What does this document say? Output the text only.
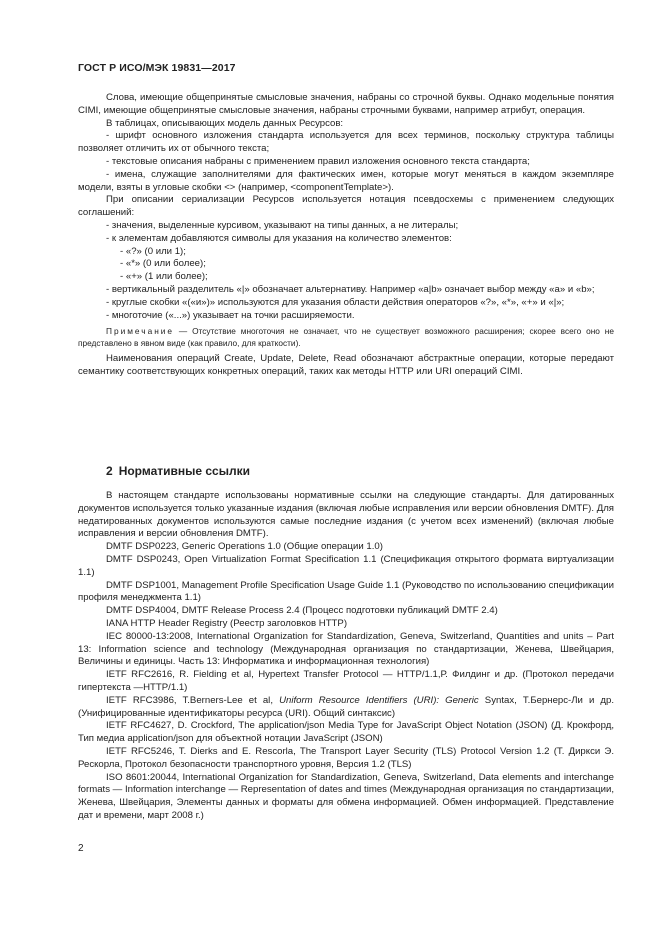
ГОСТ Р ИСО/МЭК 19831—2017

Слова, имеющие общепринятые смысловые значения, набраны со строчной буквы. Однако модельные понятия CIMI, имеющие общепринятые смысловые значения, набраны строчными буквами, например атрибут, операция.

В таблицах, описывающих модель данных Ресурсов:

- шрифт основного изложения стандарта используется для всех терминов, поскольку структура таблицы позволяет отличить их от обычного текста;

- текстовые описания набраны с применением правил изложения основного текста стандарта;

- имена, служащие заполнителями для фактических имен, которые могут меняться в каждом экземпляре модели, взяты в угловые скобки <> (например, <componentTemplate>).

При описании сериализации Ресурсов используется нотация псевдосхемы с применением следующих соглашений:

- значения, выделенные курсивом, указывают на типы данных, а не литералы;

- к элементам добавляются символы для указания на количество элементов:

- «?» (0 или 1);

- «*» (0 или более);

- «+» (1 или более);

- вертикальный разделитель «|» обозначает альтернативу. Например «a|b» означает выбор между «a» и «b»;

- круглые скобки «(«и»)» используются для указания области действия операторов «?», «*», «+» и «|»;

- многоточие («...») указывает на точки расширяемости.

Примечание — Отсутствие многоточия не означает, что не существует возможного расширения; скорее всего оно не представлено в явном виде (как правило, для краткости).

Наименования операций Create, Update, Delete, Read обозначают абстрактные операции, которые передают семантику соответствующих конкретных операций, таких как методы HTTP или URI операций CIMI.

2 Нормативные ссылки

В настоящем стандарте использованы нормативные ссылки на следующие стандарты. Для датированных документов используется только указанные издания (включая любые исправления или версии обновления DMTF). Для недатированных документов используются самые последние издания (с учетом всех изменений) (включая любые исправления и версии обновления DMTF).

DMTF DSP0223, Generic Operations 1.0 (Общие операции 1.0)

DMTF DSP0243, Open Virtualization Format Specification 1.1 (Спецификация открытого формата виртуализации 1.1)

DMTF DSP1001, Management Profile Specification Usage Guide 1.1 (Руководство по использованию спецификации профиля менеджмента 1.1)

DMTF DSP4004, DMTF Release Process 2.4 (Процесс подготовки публикаций DMTF 2.4)

IANA HTTP Header Registry (Реестр заголовков HTTP)

IEC 80000-13:2008, International Organization for Standardization, Geneva, Switzerland, Quantities and units – Part 13: Information science and technology (Международная организация по стандартизации, Женева, Швейцария, Величины и единицы. Часть 13: Информатика и информационная технология)

IETF RFC2616, R. Fielding et al, Hypertext Transfer Protocol — HTTP/1.1,Р. Филдинг и др. (Протокол передачи гипертекста —HTTP/1.1)

IETF RFC3986, T.Berners-Lee et al, Uniform Resource Identifiers (URI): Generic Syntax, Т.Бернерс-Ли и др. (Унифицированные идентификаторы ресурса (URI). Общий синтаксис)

IETF RFC4627, D. Crockford, The application/json Media Type for JavaScript Object Notation (JSON) (Д. Крокфорд, Тип медиа application/json для объектной нотации JavaScript (JSON)

IETF RFC5246, T. Dierks and E. Rescorla, The Transport Layer Security (TLS) Protocol Version 1.2 (Т. Диркси Э. Рескорла, Протокол безопасности транспортного уровня, Версия 1.2 (TLS)

ISO 8601:20044, International Organization for Standardization, Geneva, Switzerland, Data elements and interchange formats — Information interchange — Representation of dates and times (Международная организация по стандартизации, Женева, Швейцария, Элементы данных и форматы для обмена информацией. Обмен информацией. Представление дат и времени, март 2008 г.)

2
